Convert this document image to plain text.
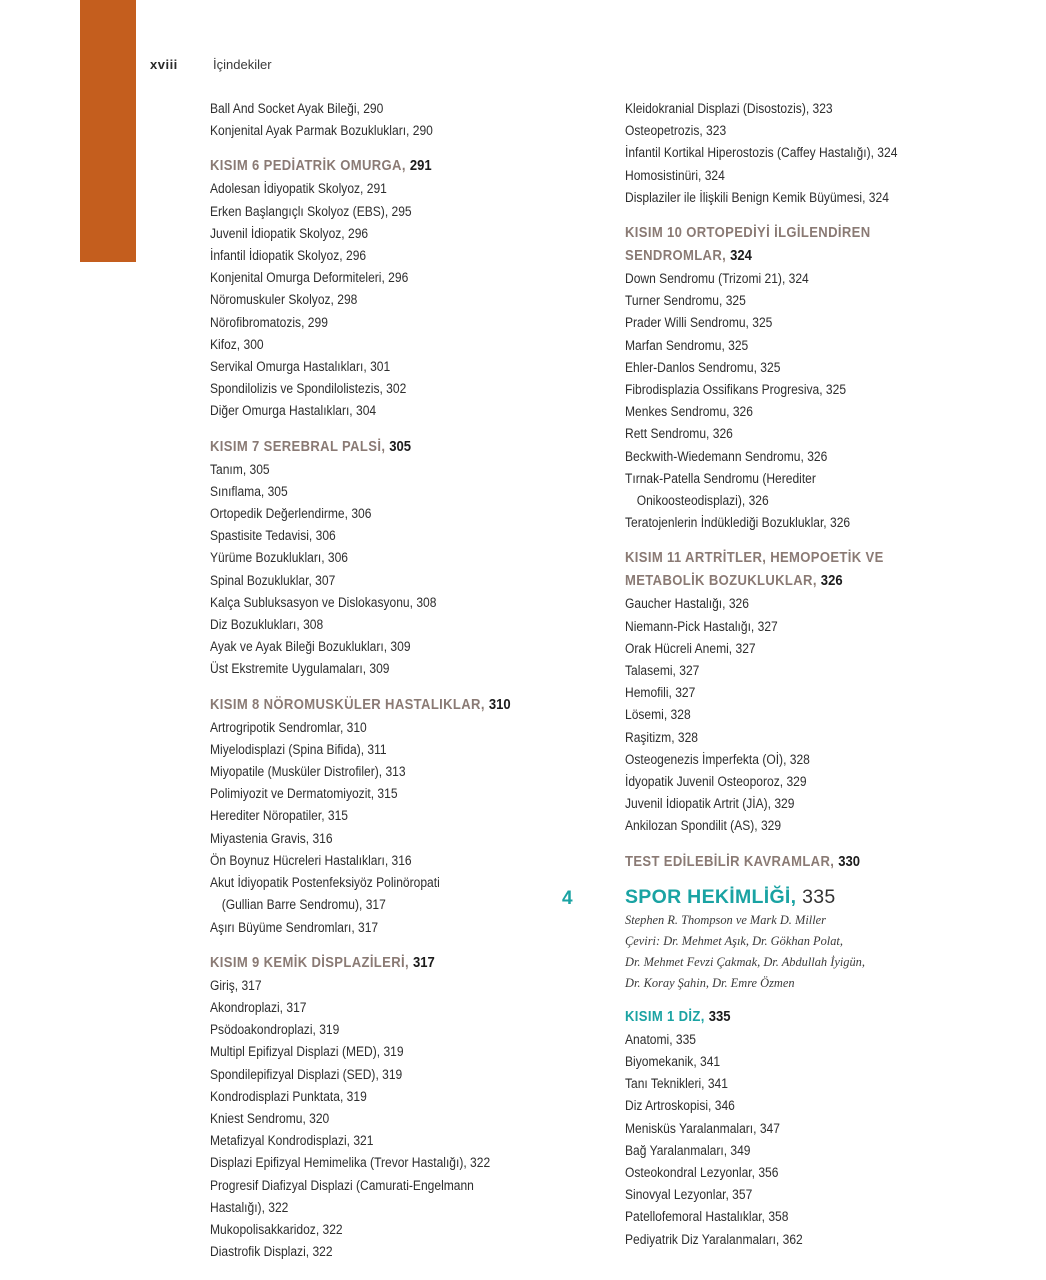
xviii	İçindekiler
Ball And Socket Ayak Bileği, 290
Konjenital Ayak Parmak Bozuklukları, 290
KISIM 6 PEDİATRİK OMURGA, 291
Adolesan İdiyopatik Skolyoz, 291
Erken Başlangıçlı Skolyoz (EBS), 295
Juvenil İdiopatik Skolyoz, 296
İnfantil İdiopatik Skolyoz, 296
Konjenital Omurga Deformiteleri, 296
Nöromuskuler Skolyoz, 298
Nörofibromatozis, 299
Kifoz, 300
Servikal Omurga Hastalıkları, 301
Spondilolizis ve Spondilolistezis, 302
Diğer Omurga Hastalıkları, 304
KISIM 7 SEREBRAL PALSİ, 305
Tanım, 305
Sınıflama, 305
Ortopedik Değerlendirme, 306
Spastisite Tedavisi, 306
Yürüme Bozuklukları, 306
Spinal Bozukluklar, 307
Kalça Subluksasyon ve Dislokasyonu, 308
Diz Bozuklukları, 308
Ayak ve Ayak Bileği Bozuklukları, 309
Üst Ekstremite Uygulamaları, 309
KISIM 8 NÖROMUSKÜLER HASTALIKLAR, 310
Artrogripotik Sendromlar, 310
Miyelodisplazi (Spina Bifida), 311
Miyopatile (Musküler Distrofiler), 313
Polimiyozit ve Dermatomiyozit, 315
Herediter Nöropatiler, 315
Miyastenia Gravis, 316
Ön Boynuz Hücreleri Hastalıkları, 316
Akut İdiyopatik Postenfeksiyöz Polinöropati
(Gullian Barre Sendromu), 317
Aşırı Büyüme Sendromları, 317
KISIM 9 KEMİK DİSPLAZİLERİ, 317
Giriş, 317
Akondroplazi, 317
Psödoakondroplazi, 319
Multipl Epifizyal Displazi (MED), 319
Spondilepifizyal Displazi (SED), 319
Kondrodisplazi Punktata, 319
Kniest Sendromu, 320
Metafizyal Kondrodisplazi, 321
Displazi Epifizyal Hemimelika (Trevor Hastalığı), 322
Progresif Diafizyal Displazi (Camurati-Engelmann
Hastalığı), 322
Mukopolisakkaridoz, 322
Diastrofik Displazi, 322
Kleidokranial Displazi (Disostozis), 323
Osteopetrozis, 323
İnfantil Kortikal Hiperostozis (Caffey Hastalığı), 324
Homosistinüri, 324
Displaziler ile İlişkili Benign Kemik Büyümesi, 324
KISIM 10 ORTOPEDİYİ İLGİLENDİREN
SENDROMLAR, 324
Down Sendromu (Trizomi 21), 324
Turner Sendromu, 325
Prader Willi Sendromu, 325
Marfan Sendromu, 325
Ehler-Danlos Sendromu, 325
Fibrodisplazia Ossifikans Progresiva, 325
Menkes Sendromu, 326
Rett Sendromu, 326
Beckwith-Wiedemann Sendromu, 326
Tırnak-Patella Sendromu (Herediter
Onikoosteodisplazi), 326
Teratojenlerin İndüklediği Bozukluklar, 326
KISIM 11 ARTRİTLER, HEMOPOETİK VE
METABOLİK BOZUKLUKLAR, 326
Gaucher Hastalığı, 326
Niemann-Pick Hastalığı, 327
Orak Hücreli Anemi, 327
Talasemi, 327
Hemofili, 327
Lösemi, 328
Raşitizm, 328
Osteogenezis İmperfekta (Oİ), 328
İdyopatik Juvenil Osteoporoz, 329
Juvenil İdiopatik Artrit (JİA), 329
Ankilozan Spondilit (AS), 329
TEST EDİLEBİLİR KAVRAMLAR, 330
4	SPOR HEKİMLİĞİ, 335
Stephen R. Thompson ve Mark D. Miller
Çeviri: Dr. Mehmet Aşık, Dr. Gökhan Polat,
Dr. Mehmet Fevzi Çakmak, Dr. Abdullah İyigün,
Dr. Koray Şahin, Dr. Emre Özmen
KISIM 1 DİZ, 335
Anatomi, 335
Biyomekanik, 341
Tanı Teknikleri, 341
Diz Artroskopisi, 346
Menisküs Yaralanmaları, 347
Bağ Yaralanmaları, 349
Osteokondral Lezyonlar, 356
Sinovyal Lezyonlar, 357
Patellofemoral Hastalıklar, 358
Pediyatrik Diz Yaralanmaları, 362
